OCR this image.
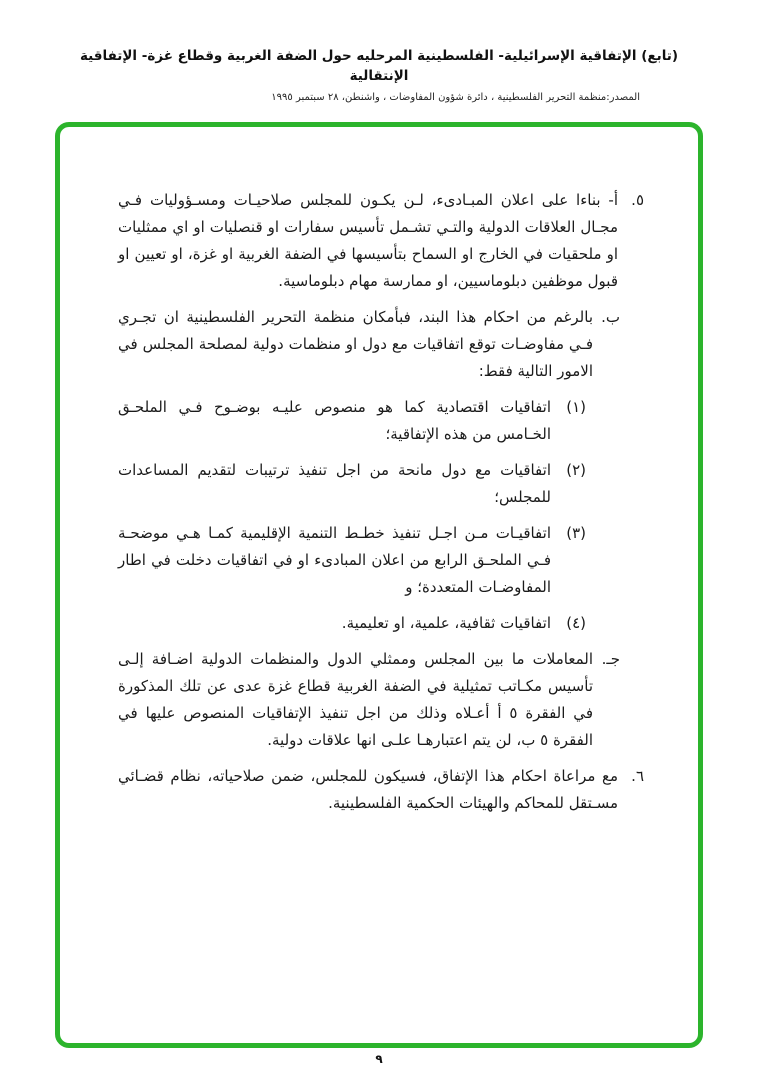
(تابع) الإتفاقية الإسرائيلية- الفلسطينية المرحليه حول الضفة الغربية وقطاع غزة- الإتفاقية الإنتقالية
المصدر:منظمة التحرير الفلسطينية ، دائرة شؤون المفاوضات ، واشنطن، ٢٨ سبتمبر ١٩٩٥
٥.
أ- بناءا على اعلان المبـادىء، لـن يكـون للمجلس صلاحيـات ومسـؤوليات فـي مجـال العلاقات الدولية والتـي تشـمل تأسيس سفارات او قنصليات او اي ممثليات او ملحقيات في الخارج او السماح بتأسيسها في الضفة الغربية او غزة، او تعيين او قبول موظفين دبلوماسيين، او ممارسة مهام دبلوماسية.
ب.
بالرغم من احكام هذا البند، فبأمكان منظمة التحرير الفلسطينية ان تجـري فـي مفاوضـات توقع اتفاقيات مع دول او منظمات دولية لمصلحة المجلس في الامور التالية فقط:
(١)
اتفاقيات اقتصادية كما هو منصوص عليـه بوضـوح فـي الملحـق الخـامس من هذه الإتفاقية؛
(٢)
اتفاقيات مع دول مانحة من اجل تنفيذ ترتيبات لتقديم المساعدات للمجلس؛
(٣)
اتفاقيـات مـن اجـل تنفيذ خطـط التنمية الإقليمية كمـا هـي موضحـة فـي الملحـق الرابع من اعلان المبادىء او في اتفاقيات دخلت في اطار المفاوضـات المتعددة؛ و
(٤)
اتفاقيات ثقافية، علمية، او تعليمية.
جـ.
المعاملات ما بين المجلس وممثلي الدول والمنظمات الدولية اضـافة إلـى تأسيس مكـاتب تمثيلية في الضفة الغربية قطاع غزة عدى عن تلك المذكورة في الفقرة ٥ أ أعـلاه وذلك من اجل تنفيذ الإتفاقيات المنصوص عليها في الفقرة ٥ ب، لن يتم اعتبارهـا علـى انها علاقات دولية.
٦.
مع مراعاة احكام هذا الإتفاق، فسيكون للمجلس، ضمن صلاحياته، نظام قضـائي مسـتقل للمحاكم والهيئات الحكمية الفلسطينية.
٩
